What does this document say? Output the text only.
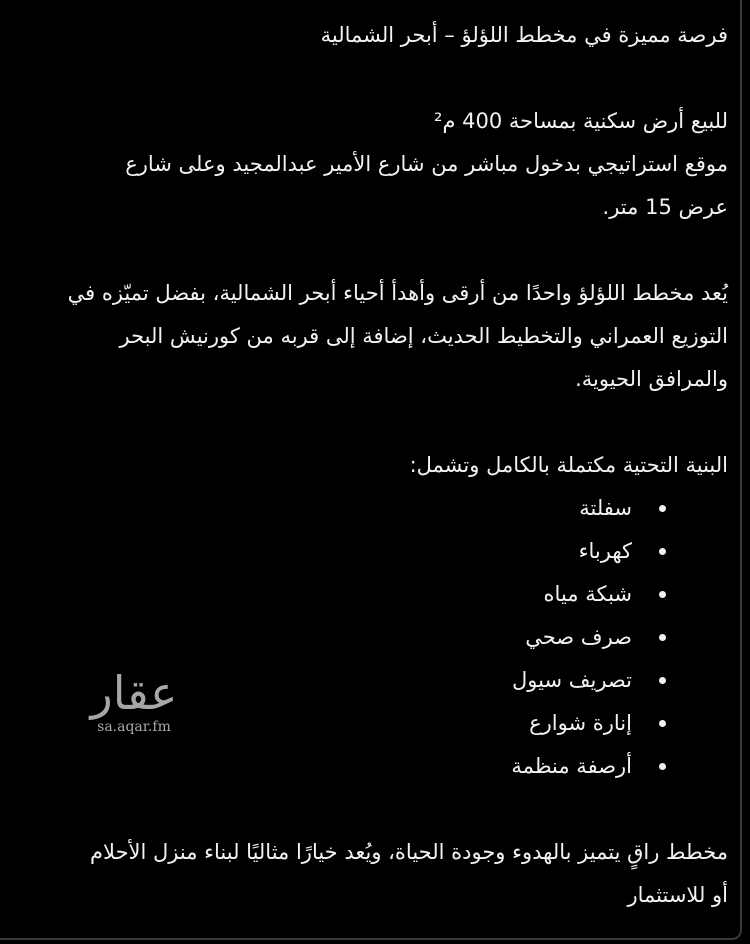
فرصة مميزة في مخطط اللؤلؤ – أبحر الشمالية
للبيع أرض سكنية بمساحة 400 م²
موقع استراتيجي بدخول مباشر من شارع الأمير عبدالمجيد وعلى شارع
عرض 15 متر.
يُعد مخطط اللؤلؤ واحدًا من أرقى وأهدأ أحياء أبحر الشمالية، بفضل تميّزه في
التوزيع العمراني والتخطيط الحديث، إضافة إلى قربه من كورنيش البحر
والمرافق الحيوية.
البنية التحتية مكتملة بالكامل وتشمل:
سفلتة
كهرباء
شبكة مياه
صرف صحي
تصريف سيول
إنارة شوارع
أرصفة منظمة
مخطط راقٍ يتميز بالهدوء وجودة الحياة، ويُعد خيارًا مثاليًا لبناء منزل الأحلام
أو للاستثمار
عقار
sa.aqar.fm
